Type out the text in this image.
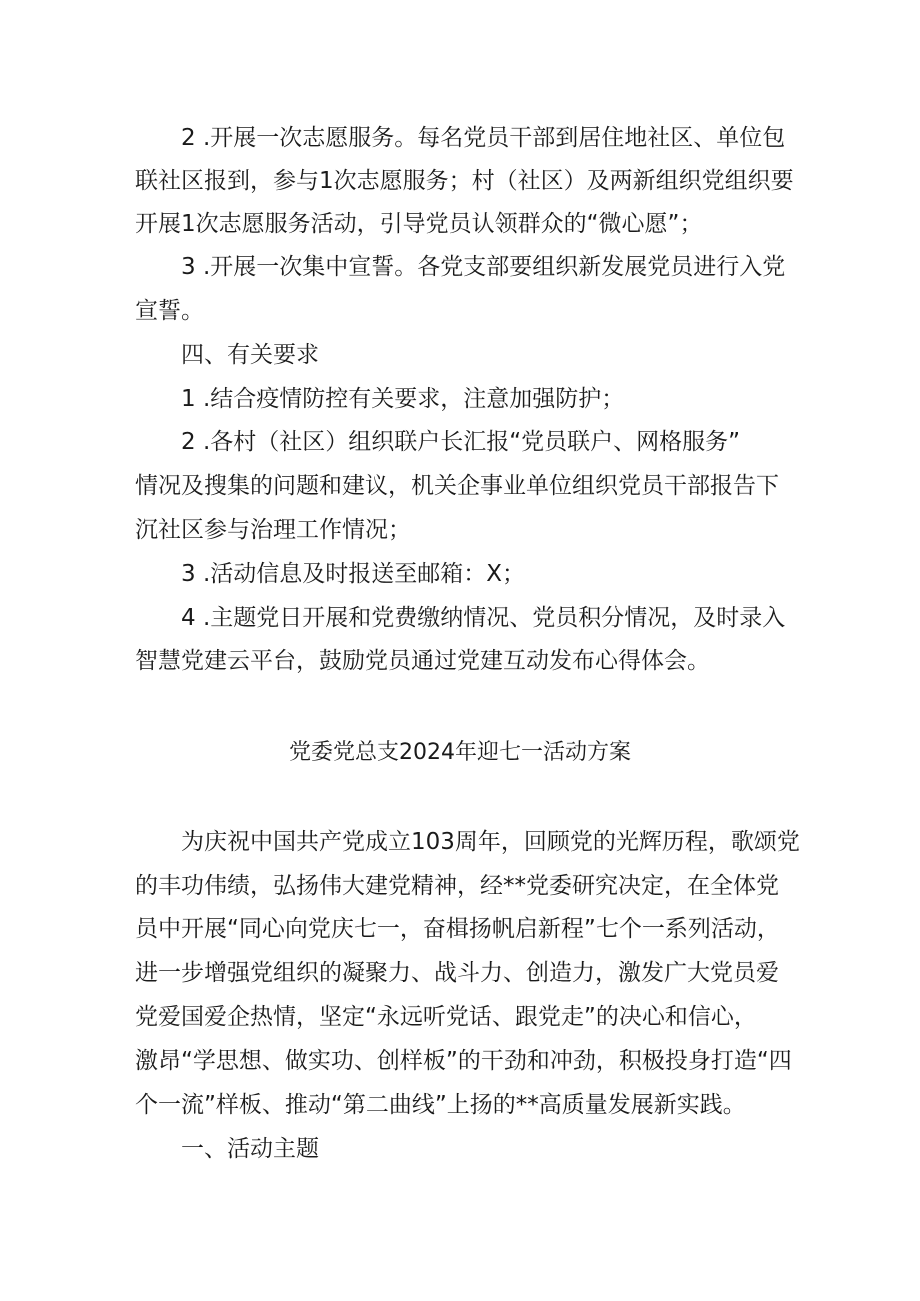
2 .开展一次志愿服务。每名党员干部到居住地社区、单位包

联社区报到，参与1次志愿服务；村（社区）及两新组织党组织要

开展1次志愿服务活动，引导党员认领群众的“微心愿”；

3 .开展一次集中宣誓。各党支部要组织新发展党员进行入党

宣誓。

四、有关要求

1 .结合疫情防控有关要求，注意加强防护；

2 .各村（社区）组织联户长汇报“党员联户、网格服务”

情况及搜集的问题和建议，机关企事业单位组织党员干部报告下

沉社区参与治理工作情况；

3 .活动信息及时报送至邮箱：X；

4 .主题党日开展和党费缴纳情况、党员积分情况，及时录入

智慧党建云平台，鼓励党员通过党建互动发布心得体会。

党委党总支2024年迎七一活动方案

为庆祝中国共产党成立103周年，回顾党的光辉历程，歌颂党

的丰功伟绩，弘扬伟大建党精神，经**党委研究决定，在全体党

员中开展“同心向党庆七一，奋楫扬帆启新程”七个一系列活动，

进一步增强党组织的凝聚力、战斗力、创造力，激发广大党员爱

党爱国爱企热情，坚定“永远听党话、跟党走”的决心和信心，

激昂“学思想、做实功、创样板”的干劲和冲劲，积极投身打造“四

个一流”样板、推动“第二曲线”上扬的**高质量发展新实践。

一、活动主题
